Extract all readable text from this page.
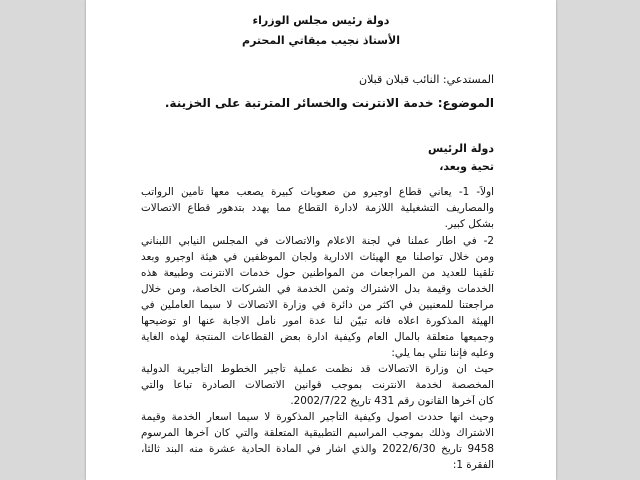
دولة رئيس مجلس الوزراء
الأستاذ نجيب ميقاتي المحترم
المستدعي: النائب قبلان قبلان
الموضوع: خدمة الانترنت والخسائر المترتبة على الخزينة.
دولة الرئيس
تحية وبعد،
اولاً- 1- يعاني قطاع اوجيرو من صعوبات كبيرة يصعب معها تأمين الرواتب
والمصاريف التشغيلية اللازمة لادارة القطاع مما يهدد بتدهور قطاع الاتصالات
بشكل كبير.
2- في اطار عملنا في لجنة الاعلام والاتصالات في المجلس النيابي اللبناني
ومن خلال تواصلنا مع الهيئات الادارية ولجان الموظفين في هيئة اوجيرو وبعد
تلقينا للعديد من المراجعات من المواطنين حول خدمات الانترنت وطبيعة هذه
الخدمات وقيمة بدل الاشتراك وثمن الخدمة في الشركات الخاصة، ومن خلال
مراجعتنا للمعنيين في اكثر من دائرة في وزارة الاتصالات لا سيما العاملين في
الهيئة المذكورة اعلاه فانه تبيّن لنا عدة امور نأمل الاجابة عنها او توضيحها
وجميعها متعلقة بالمال العام وكيفية ادارة بعض القطاعات المنتجة لهذه الغاية
وعليه فإننا نتلي بما يلي:
حيث ان وزارة الاتصالات قد نظمت عملية تأجير الخطوط التأجيرية الدولية
المخصصة لخدمة الانترنت بموجب قوانين الاتصالات الصادرة تباعاً والتي
كان آخرها القانون رقم 431 تاريخ 2002/7/22.
وحيث انها حددت اصول وكيفية التأجير المذكورة لا سيما اسعار الخدمة وقيمة
الاشتراك وذلك بموجب المراسيم التطبيقية المتعلقة والتي كان آخرها المرسوم
9458 تاريخ 2022/6/30 والذي اشار في المادة الحادية عشرة منه البند ثالثاً،
الفقرة 1:
